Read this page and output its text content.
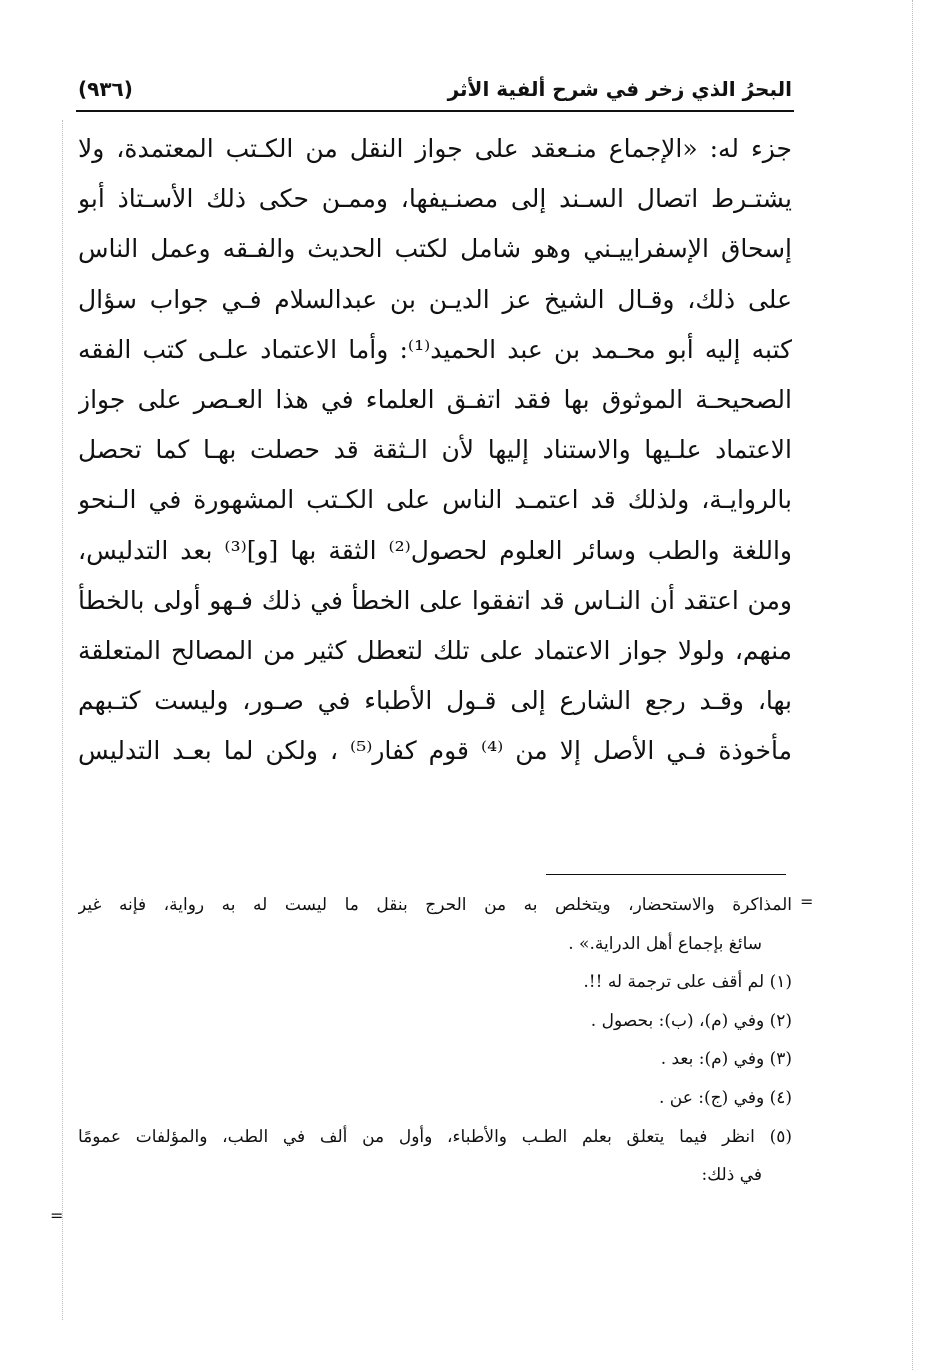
البحرُ الذي زخر في شرح ألفية الأثر
(٩٣٦)
جزء له: «الإجماع منـعقد على جواز النقل من الكـتب المعتمدة، ولا
يشتـرط اتصال السـند إلى مصنـيفها، وممـن حكى ذلك الأسـتاذ أبو
إسحاق الإسفراييـني وهو شامل لكتب الحديث والفـقه وعمل الناس
على ذلك، وقـال الشيخ عز الديـن بن عبدالسلام فـي جواب سؤال
كتبه إليه أبو محـمد بن عبد الحميد⁽¹⁾: وأما الاعتماد علـى كتب الفقه
الصحيحـة الموثوق بها فقد اتفـق العلماء في هذا العـصر على جواز
الاعتماد علـيها والاستناد إليها لأن الـثقة قد حصلت بهـا كما تحصل
بالروايـة، ولذلك قد اعتمـد الناس على الكـتب المشهورة في الـنحو
واللغة والطب وسائر العلوم لحصول⁽²⁾ الثقة بها [و]⁽³⁾ بعد التدليس،
ومن اعتقد أن النـاس قد اتفقوا على الخطأ في ذلك فـهو أولى بالخطأ
منهم، ولولا جواز الاعتماد على تلك لتعطل كثير من المصالح المتعلقة
بها، وقـد رجع الشارع إلى قـول الأطباء في صـور، وليست كتـبهم
مأخوذة فـي الأصل إلا من ⁽⁴⁾ قوم كفار⁽⁵⁾ ، ولكن لما بعـد التدليس
=
=
المذاكرة والاستحضار، ويتخلص به من الحرج بنقل ما ليست له به رواية، فإنه غير
سائغ بإجماع أهل الدراية.» .
(١) لم أقف على ترجمة له !!.
(٢) وفي (م)، (ب): بحصول .
(٣) وفي (م): بعد .
(٤) وفي (ج): عن .
(٥) انظر فيما يتعلق بعلم الطـب والأطباء، وأول من ألف في الطب، والمؤلفات عمومًا
في ذلك:
